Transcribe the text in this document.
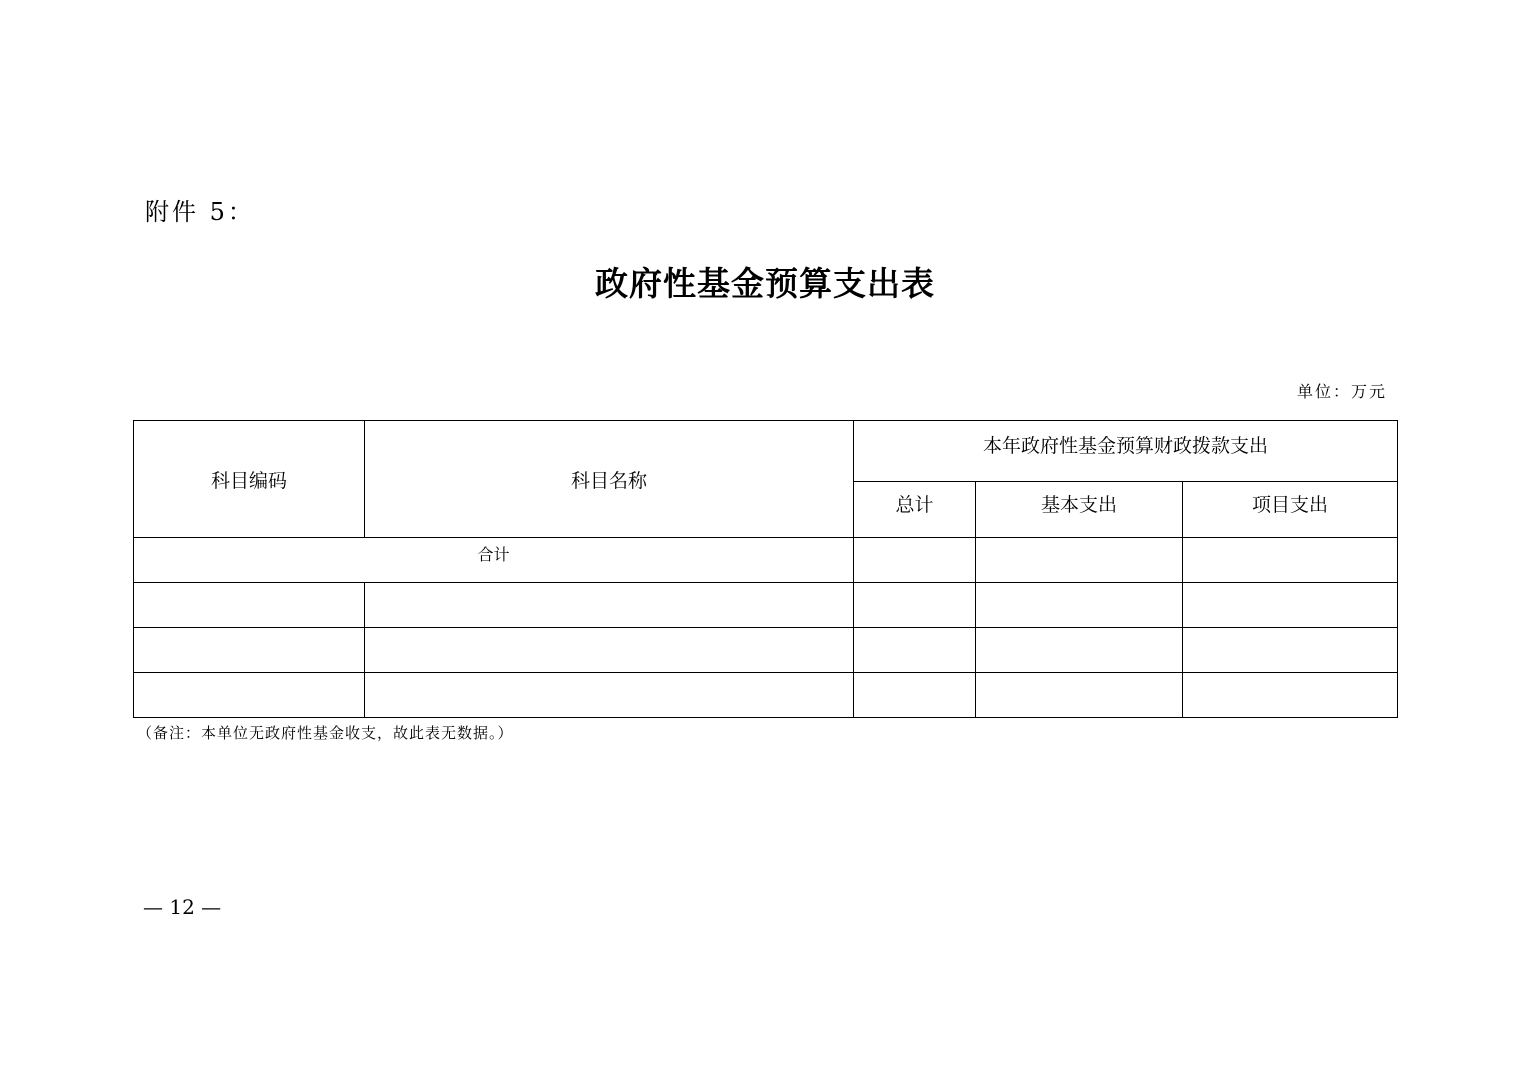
附件 5：
政府性基金预算支出表
单位：万元
科目编码	科目名称	本年政府性基金预算财政拨款支出		
		总计	基本支出	项目支出
合计				

（备注：本单位无政府性基金收支，故此表无数据。）
— 12 —
